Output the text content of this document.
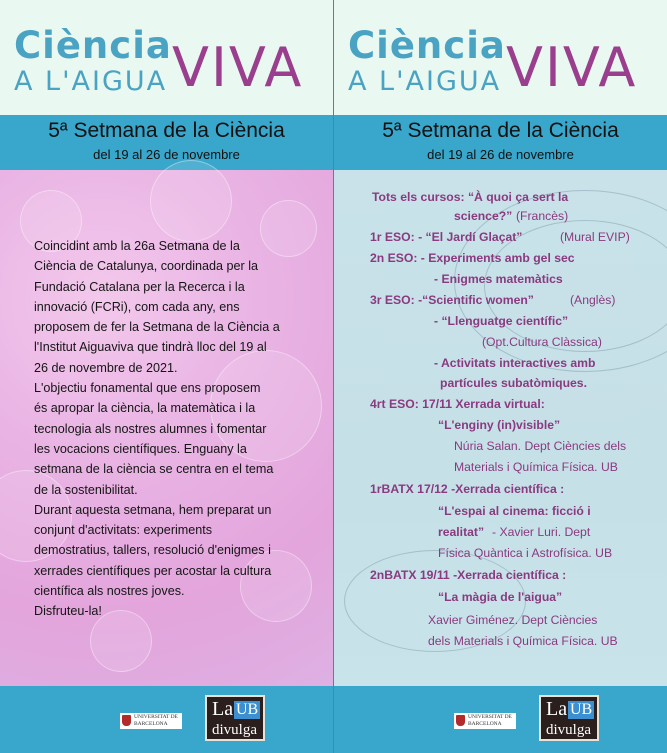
Ciència
A L'AIGUA VIVA
5ª Setmana de la Ciència
del 19 al 26 de novembre
Coincidint amb la 26a Setmana de la
Ciència de Catalunya, coordinada per la
Fundació Catalana per la Recerca i la
innovació (FCRi), com cada any, ens
proposem de fer la Setmana de la Ciència a
l'Institut Aiguaviva que tindrà lloc del 19 al
26 de novembre de 2021.
L'objectiu fonamental que ens proposem
és apropar la ciència, la matemàtica i la
tecnologia als nostres alumnes i fomentar
les vocacions científiques. Enguany la
setmana de la ciència se centra en el tema
de la sostenibilitat.
Durant aquesta setmana, hem preparat un
conjunt d'activitats: experiments
demostratius, tallers, resolució d'enigmes i
xerrades científiques per acostar la cultura
científica als nostres joves.
Disfruteu-la!
UNIVERSITAT DE
BARCELONA
La UB
divulga
Ciència
A L'AIGUA VIVA
5ª Setmana de la Ciència
del 19 al 26 de novembre
Tots els cursos: “À quoi ça sert la
science?” (Francès)
1r ESO: - “El Jardí Glaçat”	(Mural EVIP)
2n ESO: - Experiments amb gel sec
- Enigmes matemàtics
3r ESO: -“Scientific women”	(Anglès)
- “Llenguatge científic”
(Opt.Cultura Clàssica)
- Activitats interactives amb
partícules subatòmiques.
4rt ESO: 17/11 Xerrada virtual:
“L'enginy (in)visible”
Núria Salan. Dept Ciències dels
Materials i Química Física. UB
1rBATX 17/12 -Xerrada científica :
“L'espai al cinema: ficció i
realitat” - Xavier Luri. Dept
Física Quàntica i Astrofísica. UB
2nBATX 19/11 -Xerrada científica :
“La màgia de l'aigua”
Xavier Giménez. Dept Ciències
dels Materials i Química Física. UB
UNIVERSITAT DE
BARCELONA
La UB
divulga
